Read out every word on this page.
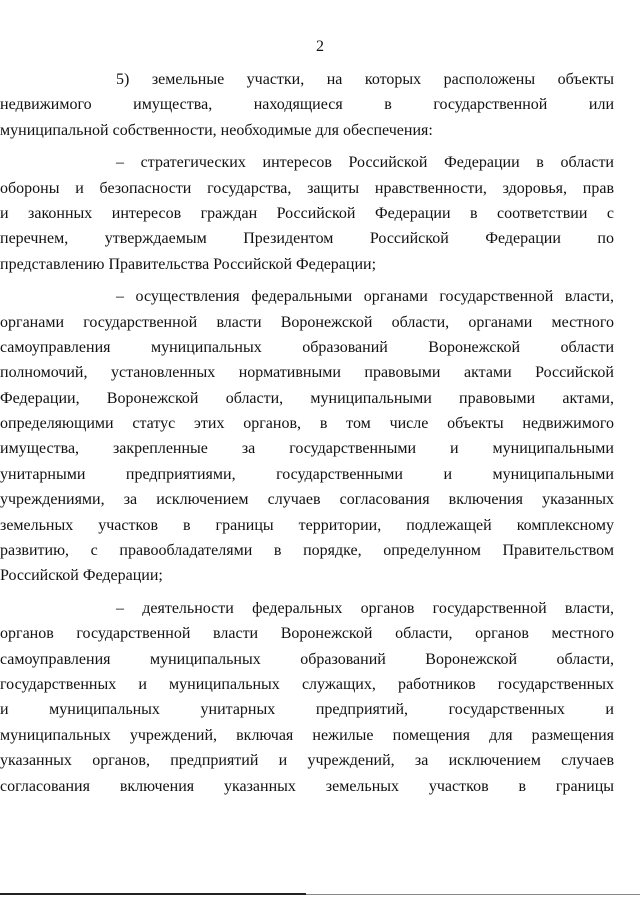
2
5) земельные участки, на которых расположены объекты
недвижимого имущества, находящиеся в государственной или
муниципальной собственности, необходимые для обеспечения:
– стратегических интересов Российской Федерации в области
обороны и безопасности государства, защиты нравственности, здоровья, прав
и законных интересов граждан Российской Федерации в соответствии с
перечнем, утверждаемым Президентом Российской Федерации по
представлению Правительства Российской Федерации;
– осуществления федеральными органами государственной власти,
органами государственной власти Воронежской области, органами местного
самоуправления муниципальных образований Воронежской области
полномочий, установленных нормативными правовыми актами Российской
Федерации, Воронежской области, муниципальными правовыми актами,
определяющими статус этих органов, в том числе объекты недвижимого
имущества, закрепленные за государственными и муниципальными
унитарными предприятиями, государственными и муниципальными
учреждениями, за исключением случаев согласования включения указанных
земельных участков в границы территории, подлежащей комплексному
развитию, с правообладателями в порядке, определунном Правительством
Российской Федерации;
– деятельности федеральных органов государственной власти,
органов государственной власти Воронежской области, органов местного
самоуправления муниципальных образований Воронежской области,
государственных и муниципальных служащих, работников государственных
и муниципальных унитарных предприятий, государственных и
муниципальных учреждений, включая нежилые помещения для размещения
указанных органов, предприятий и учреждений, за исключением случаев
согласования включения указанных земельных участков в границы
